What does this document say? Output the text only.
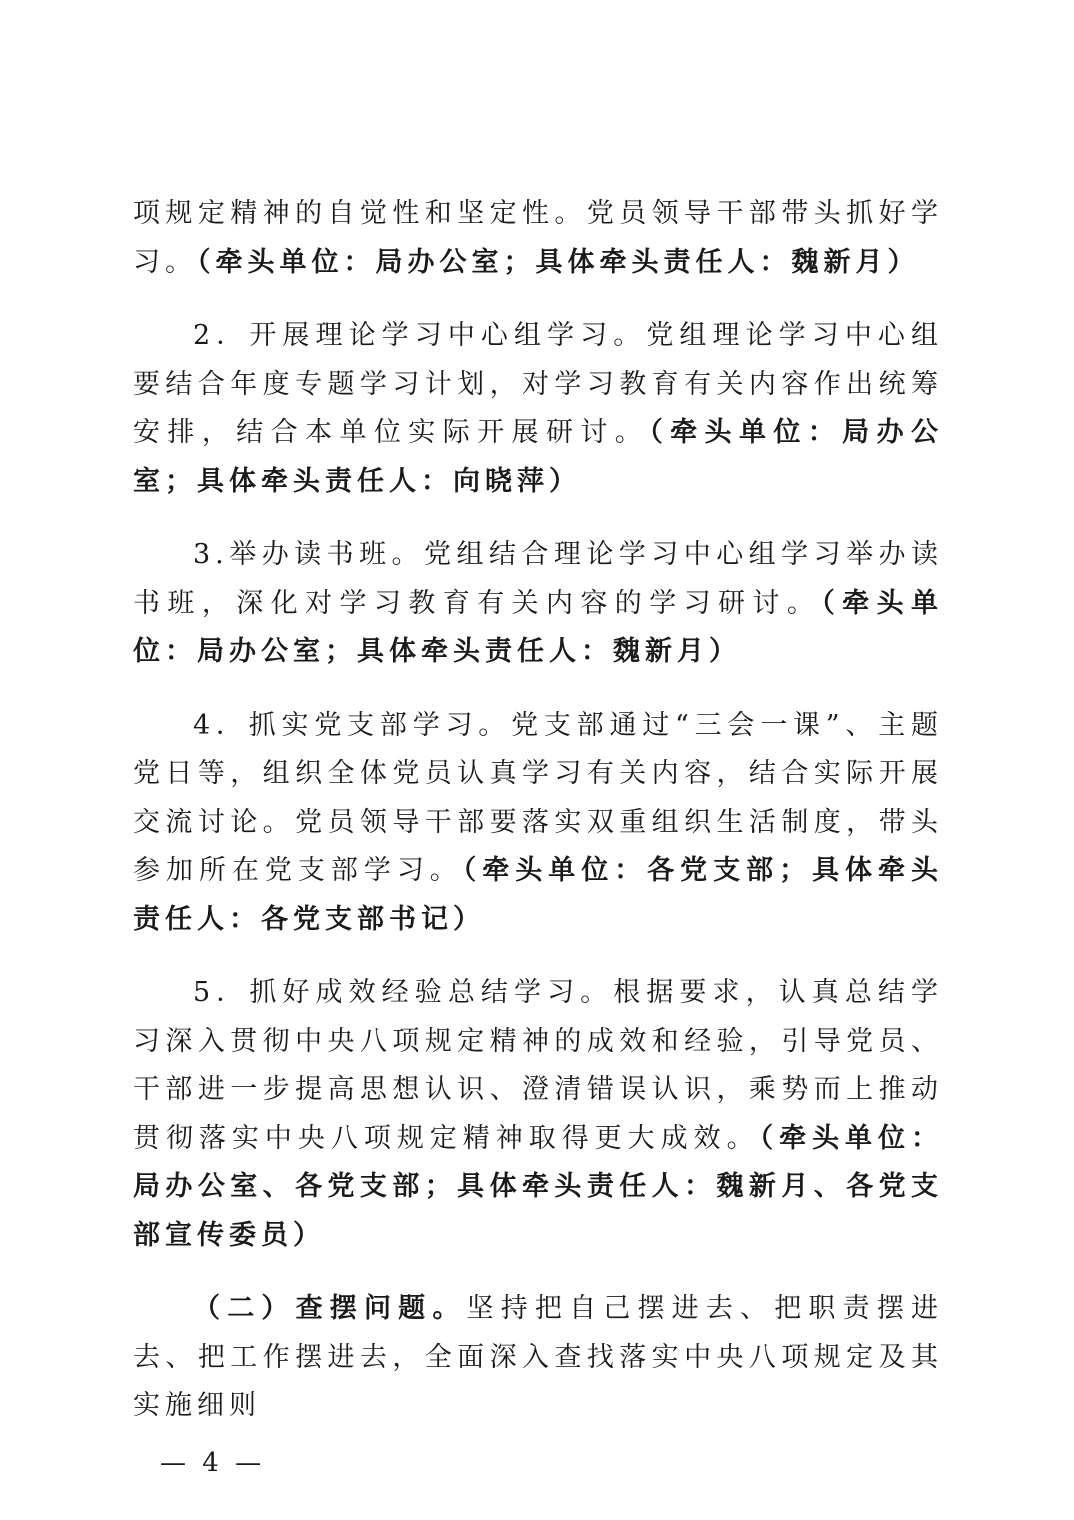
项规定精神的自觉性和坚定性。党员领导干部带头抓好学习。（牵头单位：局办公室；具体牵头责任人：魏新月）

2．开展理论学习中心组学习。党组理论学习中心组要结合年度专题学习计划，对学习教育有关内容作出统筹安排，结合本单位实际开展研讨。（牵头单位：局办公室；具体牵头责任人：向晓萍）

3.举办读书班。党组结合理论学习中心组学习举办读书班，深化对学习教育有关内容的学习研讨。（牵头单位：局办公室；具体牵头责任人：魏新月）

4．抓实党支部学习。党支部通过“三会一课”、主题党日等，组织全体党员认真学习有关内容，结合实际开展交流讨论。党员领导干部要落实双重组织生活制度，带头参加所在党支部学习。（牵头单位：各党支部；具体牵头责任人：各党支部书记）

5．抓好成效经验总结学习。根据要求，认真总结学习深入贯彻中央八项规定精神的成效和经验，引导党员、干部进一步提高思想认识、澄清错误认识，乘势而上推动贯彻落实中央八项规定精神取得更大成效。（牵头单位：局办公室、各党支部；具体牵头责任人：魏新月、各党支部宣传委员）

（二）查摆问题。坚持把自己摆进去、把职责摆进去、把工作摆进去，全面深入查找落实中央八项规定及其实施细则

— 4 —
